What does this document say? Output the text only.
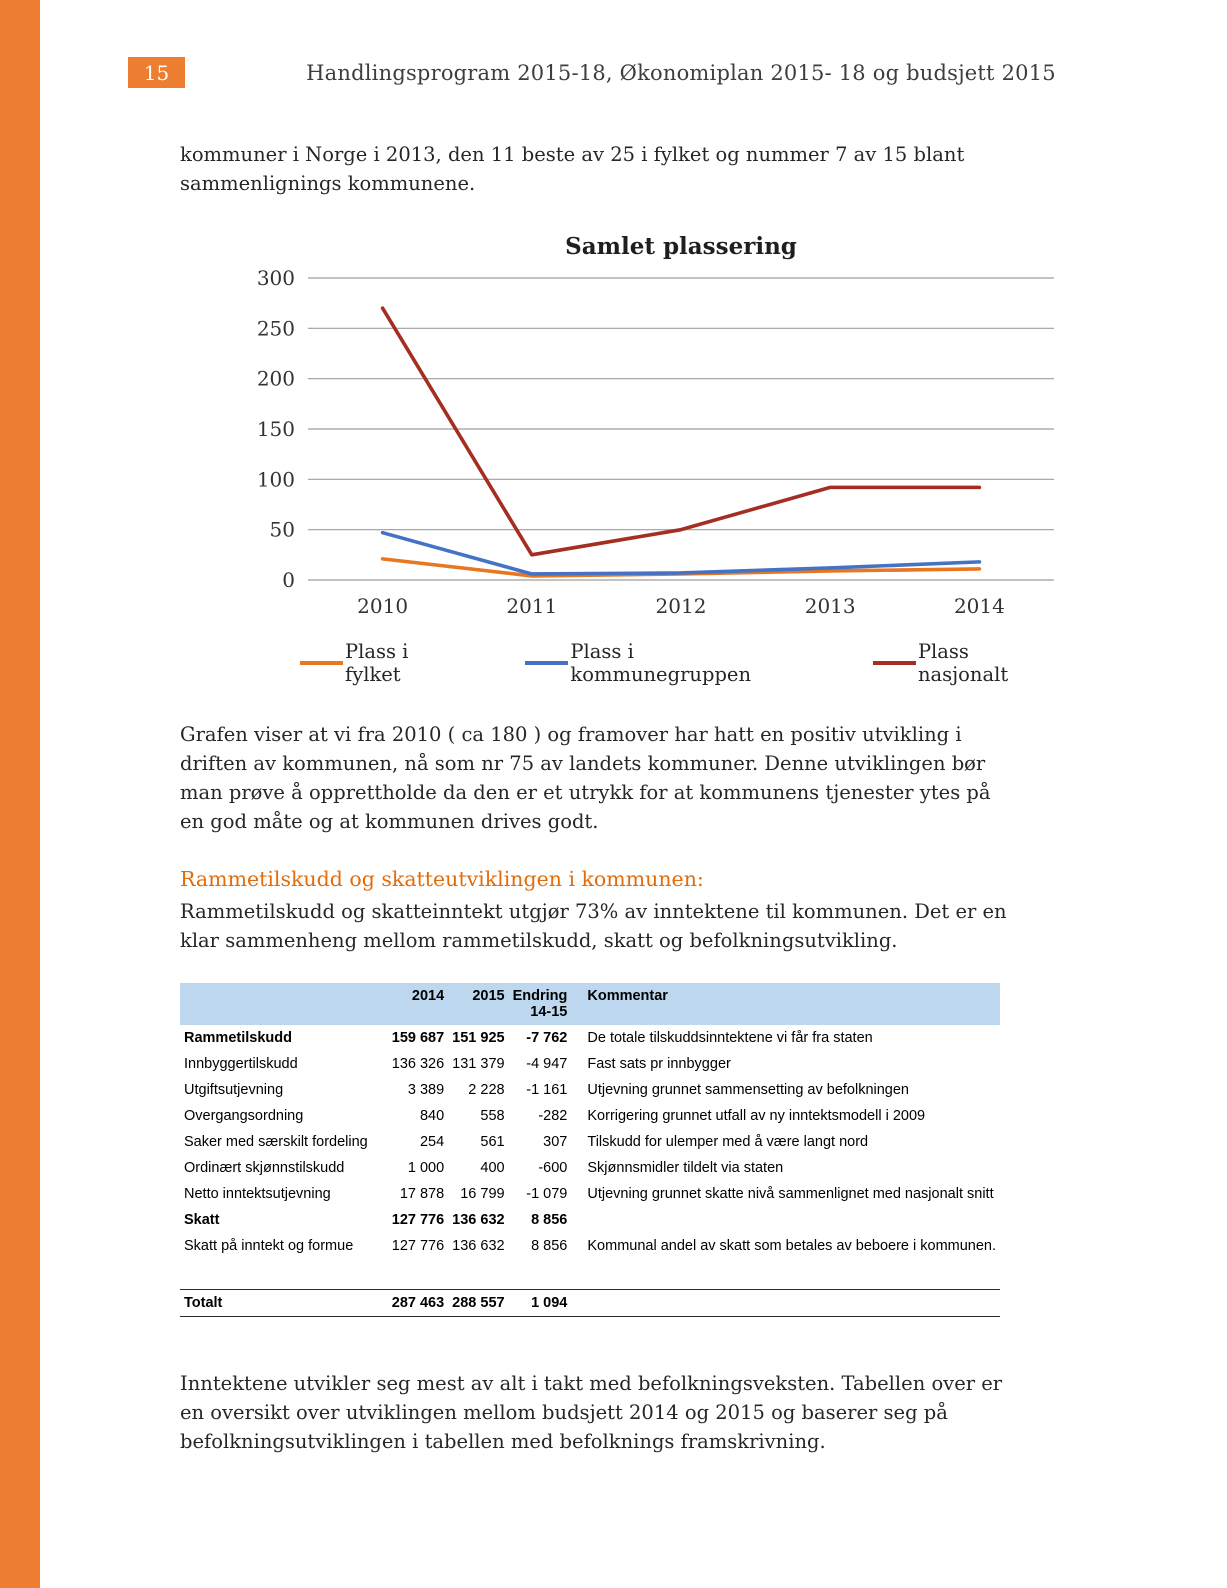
15	Handlingsprogram 2015-18, Økonomiplan 2015- 18 og budsjett 2015

kommuner i Norge i 2013, den 11 beste av 25 i fylket og nummer 7 av 15 blant sammenlignings kommunene.

Samlet plassering
0
50
100
150
200
250
300
2010	2011	2012	2013	2014
Plass i fylket
Plass i kommunegruppen
Plass nasjonalt

Grafen viser at vi fra 2010 ( ca 180 ) og framover har hatt en positiv utvikling i driften av kommunen, nå som nr 75 av landets kommuner. Denne utviklingen bør man prøve å opprettholde da den er et utrykk for at kommunens tjenester ytes på en god måte og at kommunen drives godt.

Rammetilskudd og skatteutviklingen i kommunen:

Rammetilskudd og skatteinntekt utgjør 73% av inntektene til kommunen. Det er en klar sammenheng mellom rammetilskudd, skatt og befolkningsutvikling.

	2014	2015	Endring 14-15	Kommentar
Rammetilskudd	159 687	151 925	-7 762	De totale tilskuddsinntektene vi får fra staten
Innbyggertilskudd	136 326	131 379	-4 947	Fast sats pr innbygger
Utgiftsutjevning	3 389	2 228	-1 161	Utjevning grunnet sammensetting av befolkningen
Overgangsordning	840	558	-282	Korrigering grunnet utfall av ny inntektsmodell i 2009
Saker med særskilt fordeling	254	561	307	Tilskudd for ulemper med å være langt nord
Ordinært skjønnstilskudd	1 000	400	-600	Skjønnsmidler tildelt via staten
Netto inntektsutjevning	17 878	16 799	-1 079	Utjevning grunnet skatte nivå sammenlignet med nasjonalt snitt
Skatt	127 776	136 632	8 856	
Skatt på inntekt og formue	127 776	136 632	8 856	Kommunal andel av skatt som betales av beboere i kommunen.

Totalt	287 463	288 557	1 094	

Inntektene utvikler seg mest av alt i takt med befolkningsveksten. Tabellen over er en oversikt over utviklingen mellom budsjett 2014 og 2015 og baserer seg på befolkningsutviklingen i tabellen med befolknings framskrivning.
